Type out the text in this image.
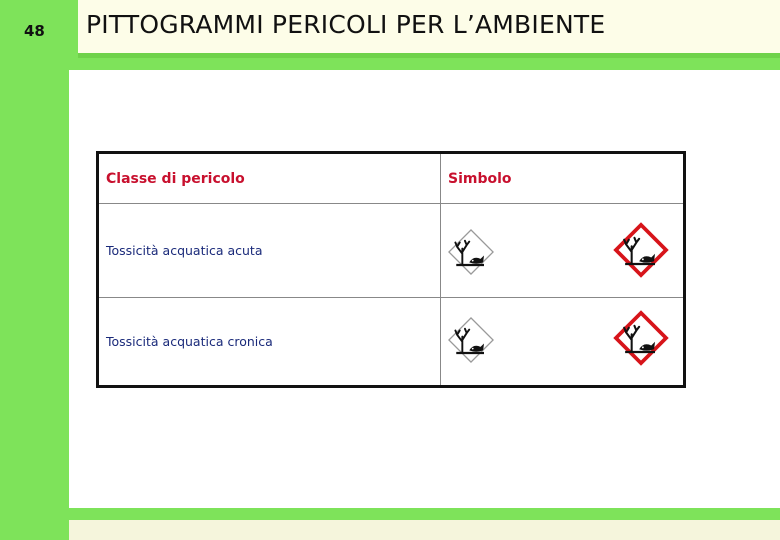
48 PITTOGRAMMI PERICOLI PER L’AMBIENTE
Classe di pericolo	Simbolo
Tossicità acquatica acuta
Tossicità acquatica cronica
